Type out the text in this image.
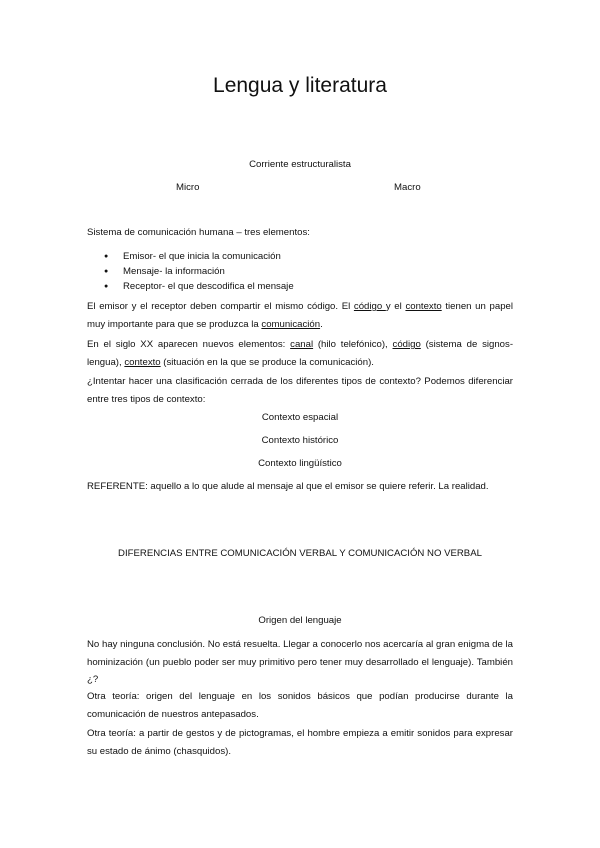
Lengua y literatura
Corriente estructuralista
Micro	Macro
Sistema de comunicación humana – tres elementos:
● Emisor- el que inicia la comunicación
● Mensaje- la información
● Receptor- el que descodifica el mensaje
El emisor y el receptor deben compartir el mismo código. El código y el contexto tienen un papel muy importante para que se produzca la comunicación.
En el siglo XX aparecen nuevos elementos: canal (hilo telefónico), código (sistema de signos-lengua), contexto (situación en la que se produce la comunicación).
¿Intentar hacer una clasificación cerrada de los diferentes tipos de contexto? Podemos diferenciar entre tres tipos de contexto:
Contexto espacial
Contexto histórico
Contexto lingüístico
REFERENTE: aquello a lo que alude al mensaje al que el emisor se quiere referir. La realidad.
DIFERENCIAS ENTRE COMUNICACIÓN VERBAL Y COMUNICACIÓN NO VERBAL
Origen del lenguaje
No hay ninguna conclusión. No está resuelta. Llegar a conocerlo nos acercaría al gran enigma de la hominización (un pueblo poder ser muy primitivo pero tener muy desarrollado el lenguaje). También ¿?
Otra teoría: origen del lenguaje en los sonidos básicos que podían producirse durante la comunicación de nuestros antepasados.
Otra teoría: a partir de gestos y de pictogramas, el hombre empieza a emitir sonidos para expresar su estado de ánimo (chasquidos).
